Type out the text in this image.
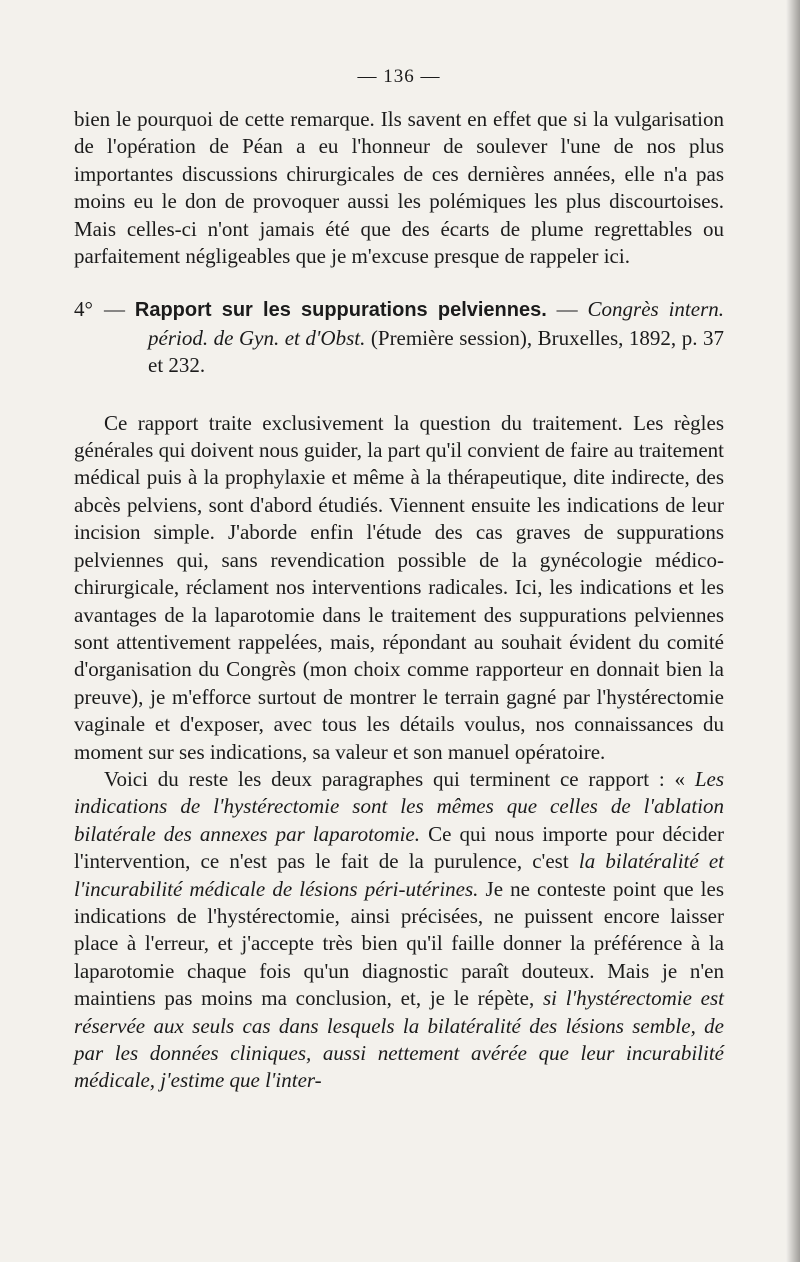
— 136 —

bien le pourquoi de cette remarque. Ils savent en effet que si la vulgarisation de l'opération de Péan a eu l'honneur de soulever l'une de nos plus importantes discussions chirurgicales de ces dernières années, elle n'a pas moins eu le don de provoquer aussi les polémiques les plus discourtoises. Mais celles-ci n'ont jamais été que des écarts de plume regrettables ou parfaitement négligeables que je m'excuse presque de rappeler ici.

4° — Rapport sur les suppurations pelviennes. — Congrès intern. périod. de Gyn. et d'Obst. (Première session), Bruxelles, 1892, p. 37 et 232.

Ce rapport traite exclusivement la question du traitement. Les règles générales qui doivent nous guider, la part qu'il convient de faire au traitement médical puis à la prophylaxie et même à la thérapeutique, dite indirecte, des abcès pelviens, sont d'abord étudiés. Viennent ensuite les indications de leur incision simple. J'aborde enfin l'étude des cas graves de suppurations pelviennes qui, sans revendication possible de la gynécologie médico-chirurgicale, réclament nos interventions radicales. Ici, les indications et les avantages de la laparotomie dans le traitement des suppurations pelviennes sont attentivement rappelées, mais, répondant au souhait évident du comité d'organisation du Congrès (mon choix comme rapporteur en donnait bien la preuve), je m'efforce surtout de montrer le terrain gagné par l'hystérectomie vaginale et d'exposer, avec tous les détails voulus, nos connaissances du moment sur ses indications, sa valeur et son manuel opératoire.

Voici du reste les deux paragraphes qui terminent ce rapport : « Les indications de l'hystérectomie sont les mêmes que celles de l'ablation bilatérale des annexes par laparotomie. Ce qui nous importe pour décider l'intervention, ce n'est pas le fait de la purulence, c'est la bilatéralité et l'incurabilité médicale de lésions péri-utérines. Je ne conteste point que les indications de l'hystérectomie, ainsi précisées, ne puissent encore laisser place à l'erreur, et j'accepte très bien qu'il faille donner la préférence à la laparotomie chaque fois qu'un diagnostic paraît douteux. Mais je n'en maintiens pas moins ma conclusion, et, je le répète, si l'hystérectomie est réservée aux seuls cas dans lesquels la bilatéralité des lésions semble, de par les données cliniques, aussi nettement avérée que leur incurabilité médicale, j'estime que l'inter-
